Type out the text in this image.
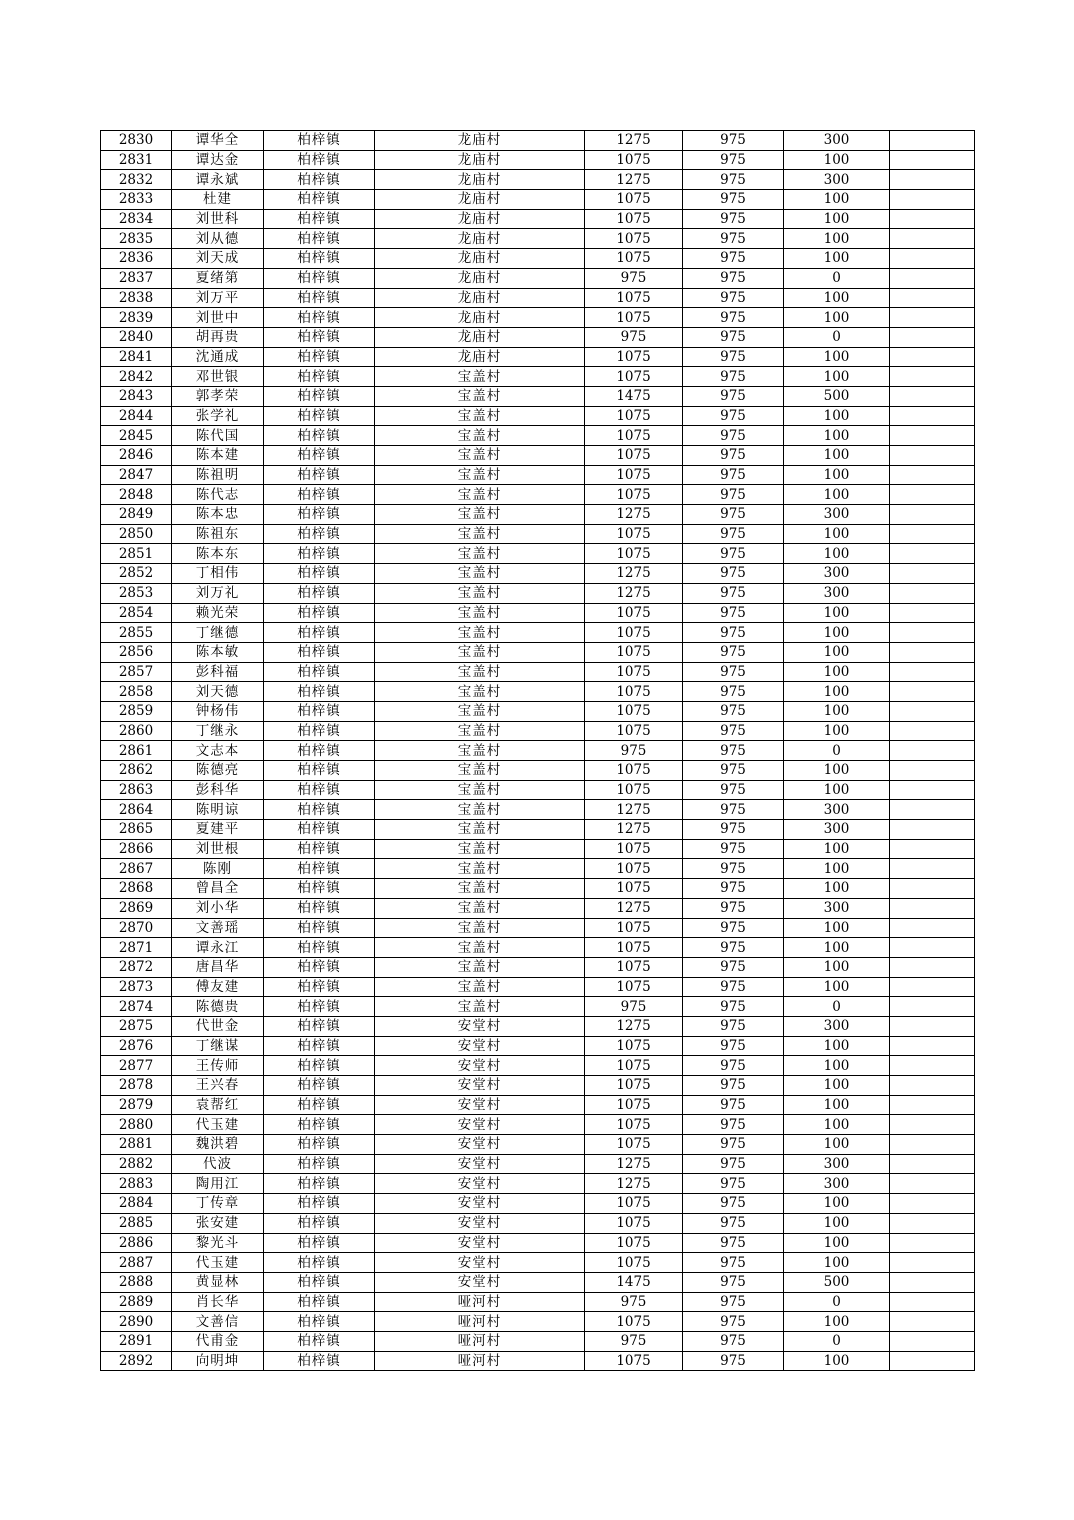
2830	谭华全	柏梓镇	龙庙村	1275	975	300	
2831	谭达金	柏梓镇	龙庙村	1075	975	100	
2832	谭永斌	柏梓镇	龙庙村	1275	975	300	
2833	杜建	柏梓镇	龙庙村	1075	975	100	
2834	刘世科	柏梓镇	龙庙村	1075	975	100	
2835	刘从德	柏梓镇	龙庙村	1075	975	100	
2836	刘天成	柏梓镇	龙庙村	1075	975	100	
2837	夏绪第	柏梓镇	龙庙村	975	975	0	
2838	刘万平	柏梓镇	龙庙村	1075	975	100	
2839	刘世中	柏梓镇	龙庙村	1075	975	100	
2840	胡再贵	柏梓镇	龙庙村	975	975	0	
2841	沈通成	柏梓镇	龙庙村	1075	975	100	
2842	邓世银	柏梓镇	宝盖村	1075	975	100	
2843	郭孝荣	柏梓镇	宝盖村	1475	975	500	
2844	张学礼	柏梓镇	宝盖村	1075	975	100	
2845	陈代国	柏梓镇	宝盖村	1075	975	100	
2846	陈本建	柏梓镇	宝盖村	1075	975	100	
2847	陈祖明	柏梓镇	宝盖村	1075	975	100	
2848	陈代志	柏梓镇	宝盖村	1075	975	100	
2849	陈本忠	柏梓镇	宝盖村	1275	975	300	
2850	陈祖东	柏梓镇	宝盖村	1075	975	100	
2851	陈本东	柏梓镇	宝盖村	1075	975	100	
2852	丁相伟	柏梓镇	宝盖村	1275	975	300	
2853	刘万礼	柏梓镇	宝盖村	1275	975	300	
2854	赖光荣	柏梓镇	宝盖村	1075	975	100	
2855	丁继德	柏梓镇	宝盖村	1075	975	100	
2856	陈本敏	柏梓镇	宝盖村	1075	975	100	
2857	彭科福	柏梓镇	宝盖村	1075	975	100	
2858	刘天德	柏梓镇	宝盖村	1075	975	100	
2859	钟杨伟	柏梓镇	宝盖村	1075	975	100	
2860	丁继永	柏梓镇	宝盖村	1075	975	100	
2861	文志本	柏梓镇	宝盖村	975	975	0	
2862	陈德亮	柏梓镇	宝盖村	1075	975	100	
2863	彭科华	柏梓镇	宝盖村	1075	975	100	
2864	陈明谅	柏梓镇	宝盖村	1275	975	300	
2865	夏建平	柏梓镇	宝盖村	1275	975	300	
2866	刘世根	柏梓镇	宝盖村	1075	975	100	
2867	陈刚	柏梓镇	宝盖村	1075	975	100	
2868	曾昌全	柏梓镇	宝盖村	1075	975	100	
2869	刘小华	柏梓镇	宝盖村	1275	975	300	
2870	文善瑶	柏梓镇	宝盖村	1075	975	100	
2871	谭永江	柏梓镇	宝盖村	1075	975	100	
2872	唐昌华	柏梓镇	宝盖村	1075	975	100	
2873	傅友建	柏梓镇	宝盖村	1075	975	100	
2874	陈德贵	柏梓镇	宝盖村	975	975	0	
2875	代世金	柏梓镇	安堂村	1275	975	300	
2876	丁继谋	柏梓镇	安堂村	1075	975	100	
2877	王传师	柏梓镇	安堂村	1075	975	100	
2878	王兴春	柏梓镇	安堂村	1075	975	100	
2879	袁帮红	柏梓镇	安堂村	1075	975	100	
2880	代玉建	柏梓镇	安堂村	1075	975	100	
2881	魏洪碧	柏梓镇	安堂村	1075	975	100	
2882	代波	柏梓镇	安堂村	1275	975	300	
2883	陶用江	柏梓镇	安堂村	1275	975	300	
2884	丁传章	柏梓镇	安堂村	1075	975	100	
2885	张安建	柏梓镇	安堂村	1075	975	100	
2886	黎光斗	柏梓镇	安堂村	1075	975	100	
2887	代玉建	柏梓镇	安堂村	1075	975	100	
2888	黄显林	柏梓镇	安堂村	1475	975	500	
2889	肖长华	柏梓镇	哑河村	975	975	0	
2890	文善信	柏梓镇	哑河村	1075	975	100	
2891	代甫金	柏梓镇	哑河村	975	975	0	
2892	向明坤	柏梓镇	哑河村	1075	975	100	
